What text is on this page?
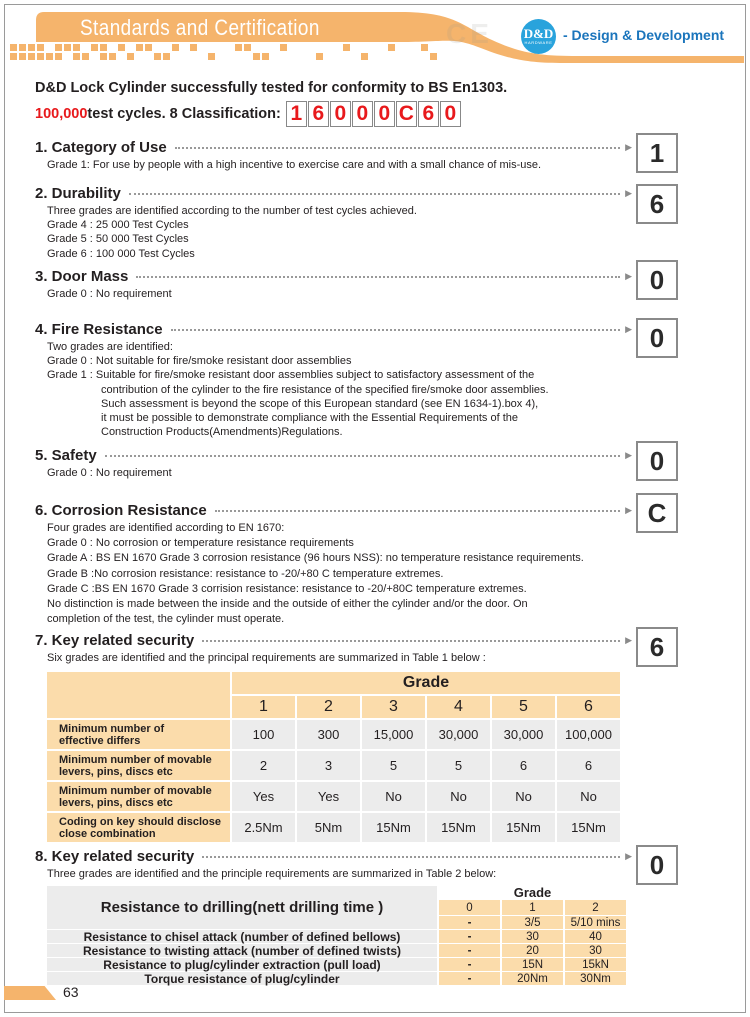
CE
Standards and Certification	D&D
HARDWARE - Design & Development
D&D Lock Cylinder successfully tested for conformity to BS En1303.
100,000 test cycles. 8 Classification: 1 6 0 0 0 C 6 0
1. Category of Use	▶
Grade 1: For use by people with a high incentive to exercise care and with a small chance of mis-use.	1
2. Durability	▶
Three grades are identified according to the number of test cycles achieved.
Grade 4 : 25 000 Test Cycles
Grade 5 : 50 000 Test Cycles
Grade 6 : 100 000 Test Cycles
6
3. Door Mass	▶
Grade 0 : No requirement	0
4. Fire Resistance	▶
Two grades are identified:
Grade 0 : Not suitable for fire/smoke resistant door assemblies
Grade 1 : Suitable for fire/smoke resistant door assemblies subject to satisfactory assessment of the
contribution of the cylinder to the fire resistance of the specified fire/smoke door assemblies.
Such assessment is beyond the scope of this European standard (see EN 1634-1).box 4),
it must be possible to demonstrate compliance with the Essential Requirements of the
Construction Products(Amendments)Regulations.
0
5. Safety	▶
Grade 0 : No requirement	0
6. Corrosion Resistance	▶
Four grades are identified according to EN 1670:
Grade 0 : No corrosion or temperature resistance requirements
Grade A : BS EN 1670 Grade 3 corrosion resistance (96 hours NSS): no temperature resistance requirements.
Grade B :No corrosion resistance: resistance to -20/+80 C temperature extremes.
Grade C :BS EN 1670 Grade 3 corrision resistance: resistance to -20/+80C temperature extremes.
No distinction is made between the inside and the outside of either the cylinder and/or the door. On
completion of the test, the cylinder must operate.
C
7. Key related security	▶
Six grades are identified and the principal requirements are summarized in Table 1 below :	6
Grade
1	2	3	4	5	6
Minimum number of
effective differs	100	300	15,000	30,000	30,000	100,000
Minimum number of movable
levers, pins, discs etc	2	3	5	5	6	6
Minimum number of movable
levers, pins, discs etc	Yes	Yes	No	No	No	No
Coding on key should disclose
close combination	2.5Nm	5Nm	15Nm	15Nm	15Nm	15Nm
8. Key related security	▶
Three grades are identified and the principle requirements are summarized in Table 2 below:	0
Resistance to drilling(nett drilling time )
Grade
0	1	2
-	3/5	5/10 mins
Resistance to chisel attack (number of defined bellows)	-	30	40
Resistance to twisting attack (number of defined twists)	-	20	30
Resistance to plug/cylinder extraction (pull load)	-	15N	15kN
Torque resistance of plug/cylinder	-	20Nm	30Nm
63
